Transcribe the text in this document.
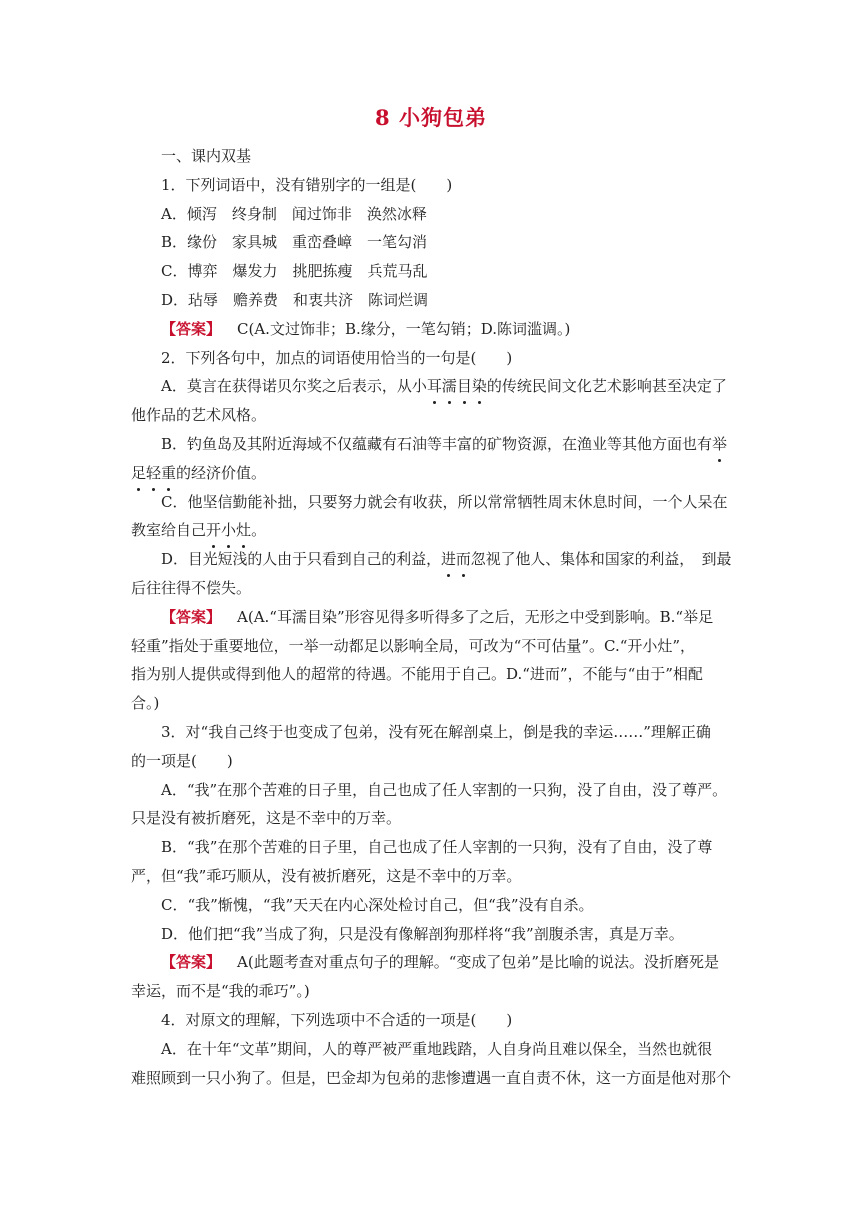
8 小狗包弟

一、课内双基

1．下列词语中，没有错别字的一组是(　　)

A．倾泻　终身制　闻过饰非　涣然冰释

B．缘份　家具城　重峦叠嶂　一笔勾消

C．博弈　爆发力　挑肥拣瘦　兵荒马乱

D．玷辱　赡养费　和衷共济　陈词烂调

【答案】 C(A.文过饰非；B.缘分，一笔勾销；D.陈词滥调。)

2．下列各句中，加点的词语使用恰当的一句是(　　)

A．莫言在获得诺贝尔奖之后表示，从小耳濡目染的传统民间文化艺术影响甚至决定了

他作品的艺术风格。

B．钓鱼岛及其附近海域不仅蕴藏有石油等丰富的矿物资源，在渔业等其他方面也有举

足轻重的经济价值。

C．他坚信勤能补拙，只要努力就会有收获，所以常常牺牲周末休息时间，一个人呆在

教室给自己开小灶。

D．目光短浅的人由于只看到自己的利益，进而忽视了他人、集体和国家的利益，　到最

后往往得不偿失。

【答案】 A(A.“耳濡目染”形容见得多听得多了之后，无形之中受到影响。B.“举足

轻重”指处于重要地位，一举一动都足以影响全局，可改为“不可估量”。C.“开小灶”，

指为别人提供或得到他人的超常的待遇。不能用于自己。D.“进而”，不能与“由于”相配

合。)

3．对“我自己终于也变成了包弟，没有死在解剖桌上，倒是我的幸运……”理解正确

的一项是(　　)

A．“我”在那个苦难的日子里，自己也成了任人宰割的一只狗，没了自由，没了尊严。

只是没有被折磨死，这是不幸中的万幸。

B．“我”在那个苦难的日子里，自己也成了任人宰割的一只狗，没有了自由，没了尊

严，但“我”乖巧顺从，没有被折磨死，这是不幸中的万幸。

C．“我”惭愧，“我”天天在内心深处检讨自己，但“我”没有自杀。

D．他们把“我”当成了狗，只是没有像解剖狗那样将“我”剖腹杀害，真是万幸。

【答案】 A(此题考查对重点句子的理解。“变成了包弟”是比喻的说法。没折磨死是

幸运，而不是“我的乖巧”。)

4．对原文的理解，下列选项中不合适的一项是(　　)

A．在十年“文革”期间，人的尊严被严重地践踏，人自身尚且难以保全，当然也就很

难照顾到一只小狗了。但是，巴金却为包弟的悲惨遭遇一直自责不休，这一方面是他对那个
